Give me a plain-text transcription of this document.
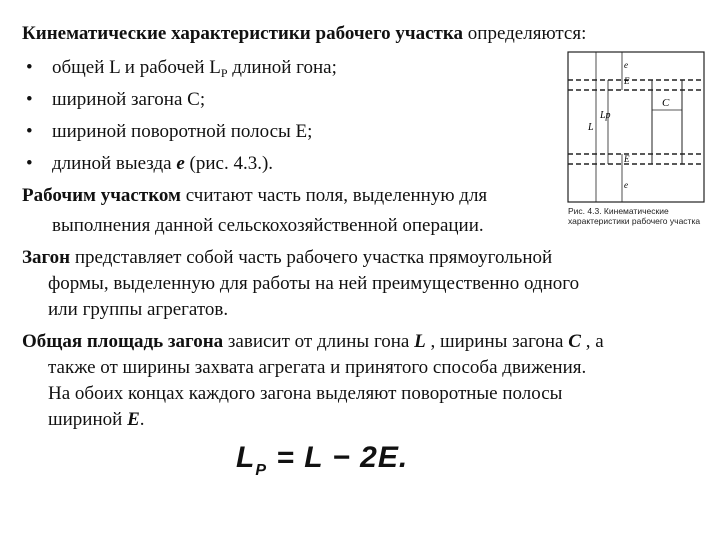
Кинематические характеристики рабочего участка определяются:
• общей L и рабочей $L_P$ длиной гона;
• шириной загона С;
• шириной поворотной полосы Е;
• длиной выезда е (рис. 4.3.).
Рабочим участком считают часть поля, выделенную для
выполнения данной сельскохозяйственной операции.
Загон представляет собой часть рабочего участка прямоугольной
формы, выделенную для работы на ней преимущественно одного
или группы агрегатов.
Общая площадь загона зависит от длины гона L , ширины загона С , а
также от ширины захвата агрегата и принятого способа движения.
На обоих концах каждого загона выделяют поворотные полосы
шириной Е.
C
L
Lp
e
E
E
e
Рис. 4.3. Кинематические характеристики рабочего участка
$L_P = L - 2E$.
